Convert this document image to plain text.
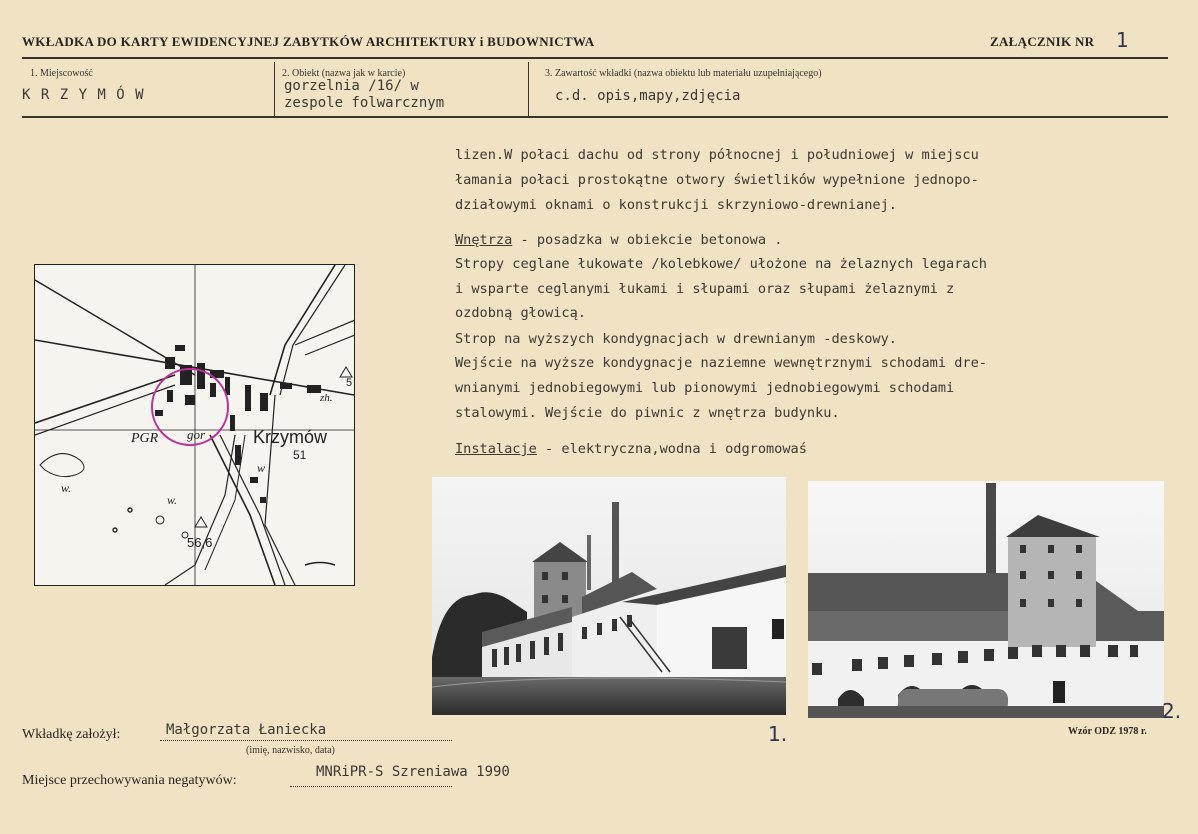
WKŁADKA DO KARTY EWIDENCYJNEJ ZABYTKÓW ARCHITEKTURY i BUDOWNICTWA	ZAŁĄCZNIK NR 1
1. Miejscowość	2. Obiekt (nazwa jak w karcie)	3. Zawartość wkładki (nazwa obiektu lub materiału uzupełniającego)
K R Z Y M Ó W
gorzelnia /16/ w
zespole folwarcznym	c.d. opis,mapy,zdjęcia
lizen.W połaci dachu od strony północnej i południowej w miejscu
łamania połaci prostokątne otwory świetlików wypełnione jednopo-
działowymi oknami o konstrukcji skrzyniowo-drewnianej.
Wnętrza - posadzka w obiekcie betonowa .
Stropy ceglane łukowate /kolebkowe/ ułożone na żelaznych legarach
i wsparte ceglanymi łukami i słupami oraz słupami żelaznymi z
ozdobną głowicą.
Strop na wyższych kondygnacjach w drewnianym -deskowy.
Wejście na wyższe kondygnacje naziemne wewnętrznymi schodami dre-
wnianymi jednobiegowymi lub pionowymi jednobiegowymi schodami
stalowymi. Wejście do piwnic z wnętrza budynku.
Instalacje - elektryczna,wodna i odgromowaś
Krzymów
PGR gor
56,6
51
w.
w.
w
zh.
5
1.
2.
Wkładkę założył:	Małgorzata Łaniecka
(imię, nazwisko, data)
Miejsce przechowywania negatywów:
MNRiPR-S Szreniawa 1990
Wzór ODZ 1978 r.
